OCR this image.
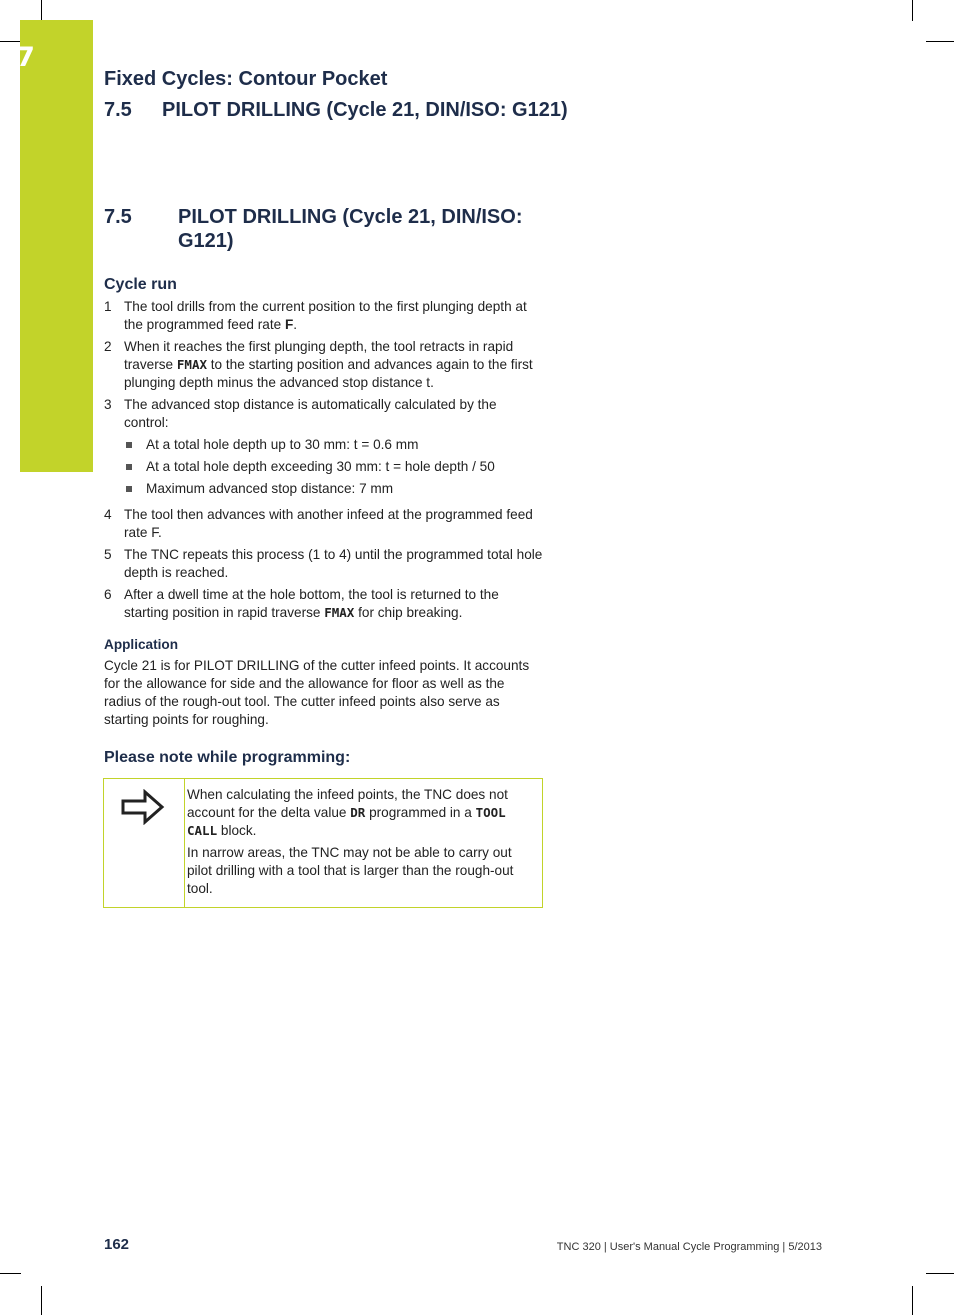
7
Fixed Cycles: Contour Pocket
7.5 PILOT DRILLING (Cycle 21, DIN/ISO: G121)
7.5	PILOT DRILLING (Cycle 21, DIN/ISO: G121)
Cycle run
1 The tool drills from the current position to the first plunging depth at the programmed feed rate F.
2 When it reaches the first plunging depth, the tool retracts in rapid traverse FMAX to the starting position and advances again to the first plunging depth minus the advanced stop distance t.
3 The advanced stop distance is automatically calculated by the control:
At a total hole depth up to 30 mm: t = 0.6 mm
At a total hole depth exceeding 30 mm: t = hole depth / 50
Maximum advanced stop distance: 7 mm
4 The tool then advances with another infeed at the programmed feed rate F.
5 The TNC repeats this process (1 to 4) until the programmed total hole depth is reached.
6 After a dwell time at the hole bottom, the tool is returned to the starting position in rapid traverse FMAX for chip breaking.
Application

Cycle 21 is for PILOT DRILLING of the cutter infeed points. It accounts for the allowance for side and the allowance for floor as well as the radius of the rough-out tool. The cutter infeed points also serve as starting points for roughing.

Please note while programming:

When calculating the infeed points, the TNC does not account for the delta value DR programmed in a TOOL CALL block.

In narrow areas, the TNC may not be able to carry out pilot drilling with a tool that is larger than the rough-out tool.

162	TNC 320 | User's Manual Cycle Programming | 5/2013
